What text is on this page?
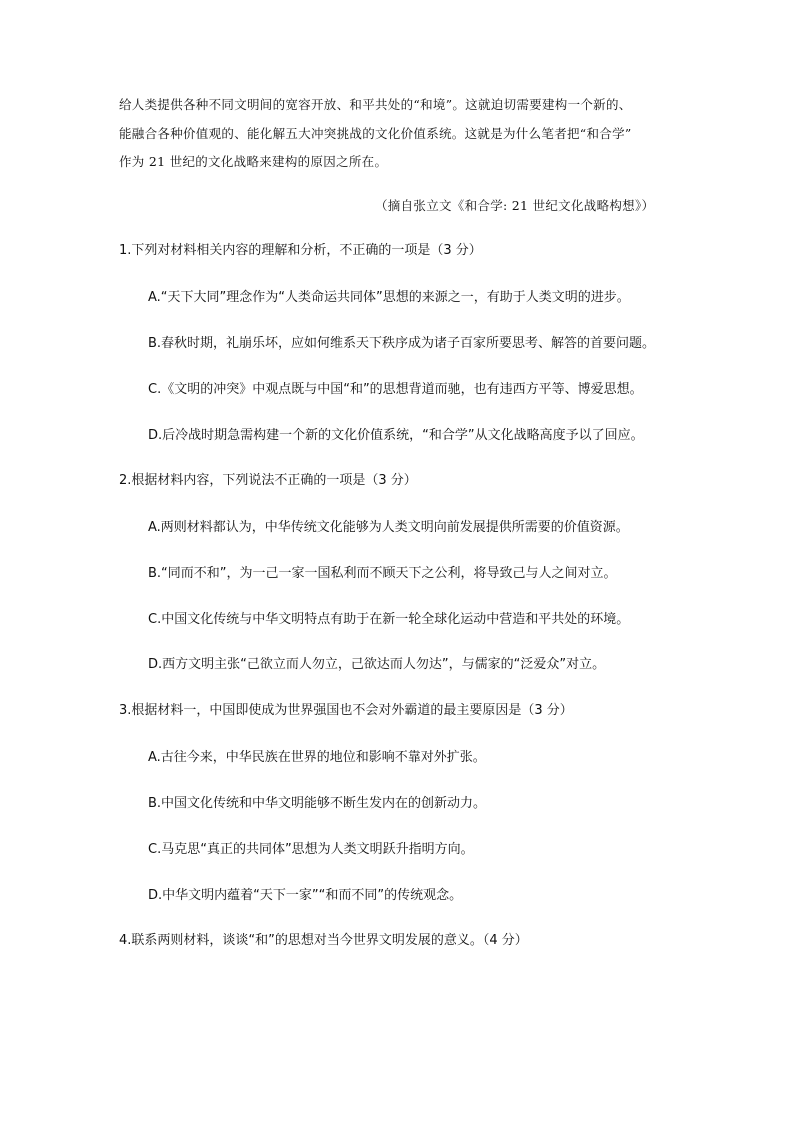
给人类提供各种不同文明间的宽容开放、和平共处的“和境”。这就迫切需要建构一个新的、
能融合各种价值观的、能化解五大冲突挑战的文化价值系统。这就是为什么笔者把“和合学”
作为 21 世纪的文化战略来建构的原因之所在。
（摘自张立文《和合学: 21 世纪文化战略构想》）
1.下列对材料相关内容的理解和分析，不正确的一项是（3 分）
A.“天下大同”理念作为“人类命运共同体”思想的来源之一，有助于人类文明的进步。
B.春秋时期，礼崩乐坏，应如何维系天下秩序成为诸子百家所要思考、解答的首要问题。
C.《文明的冲突》中观点既与中国“和”的思想背道而驰，也有违西方平等、博爱思想。
D.后冷战时期急需构建一个新的文化价值系统，“和合学”从文化战略高度予以了回应。
2.根据材料内容，下列说法不正确的一项是（3 分）
A.两则材料都认为，中华传统文化能够为人类文明向前发展提供所需要的价值资源。
B.“同而不和”，为一己一家一国私利而不顾天下之公利，将导致己与人之间对立。
C.中国文化传统与中华文明特点有助于在新一轮全球化运动中营造和平共处的环境。
D.西方文明主张“己欲立而人勿立，己欲达而人勿达”，与儒家的“泛爱众”对立。
3.根据材料一，中国即使成为世界强国也不会对外霸道的最主要原因是（3 分）
A.古往今来，中华民族在世界的地位和影响不靠对外扩张。
B.中国文化传统和中华文明能够不断生发内在的创新动力。
C.马克思“真正的共同体”思想为人类文明跃升指明方向。
D.中华文明内蕴着“天下一家”“和而不同”的传统观念。
4.联系两则材料，谈谈“和”的思想对当今世界文明发展的意义。（4 分）
